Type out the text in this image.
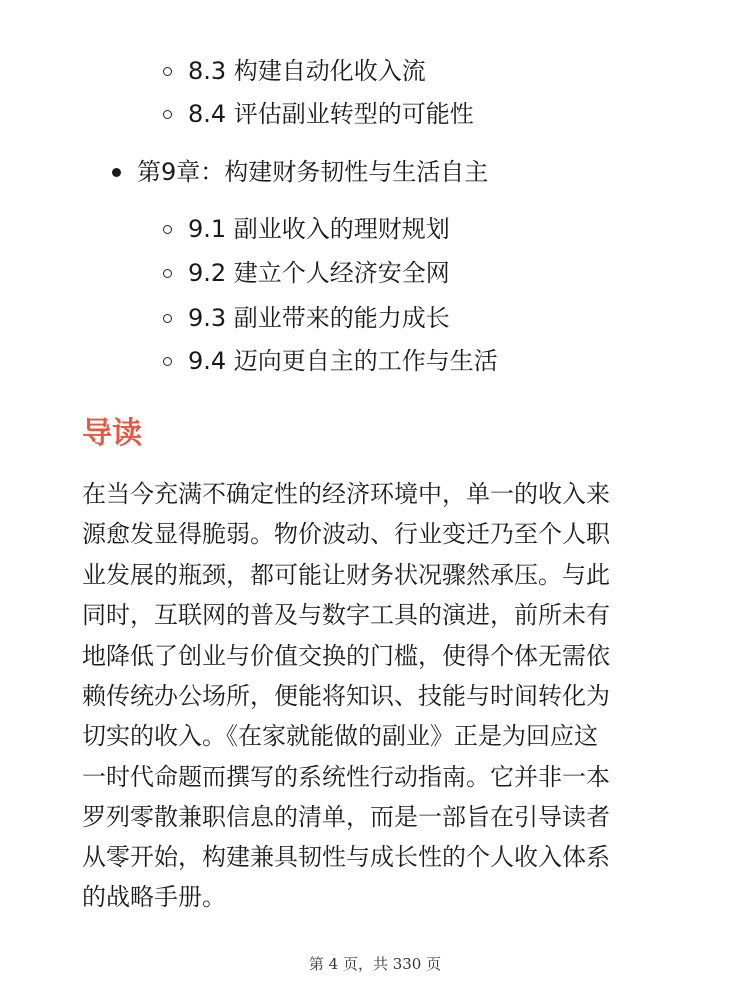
8.3 构建自动化收入流
8.4 评估副业转型的可能性
第9章：构建财务韧性与生活自主
9.1 副业收入的理财规划
9.2 建立个人经济安全网
9.3 副业带来的能力成长
9.4 迈向更自主的工作与生活
导读
在当今充满不确定性的经济环境中，单一的收入来
源愈发显得脆弱。物价波动、行业变迁乃至个人职
业发展的瓶颈，都可能让财务状况骤然承压。与此
同时，互联网的普及与数字工具的演进，前所未有
地降低了创业与价值交换的门槛，使得个体无需依
赖传统办公场所，便能将知识、技能与时间转化为
切实的收入。《在家就能做的副业》正是为回应这
一时代命题而撰写的系统性行动指南。它并非一本
罗列零散兼职信息的清单，而是一部旨在引导读者
从零开始，构建兼具韧性与成长性的个人收入体系
的战略手册。
第 4 页，共 330 页
